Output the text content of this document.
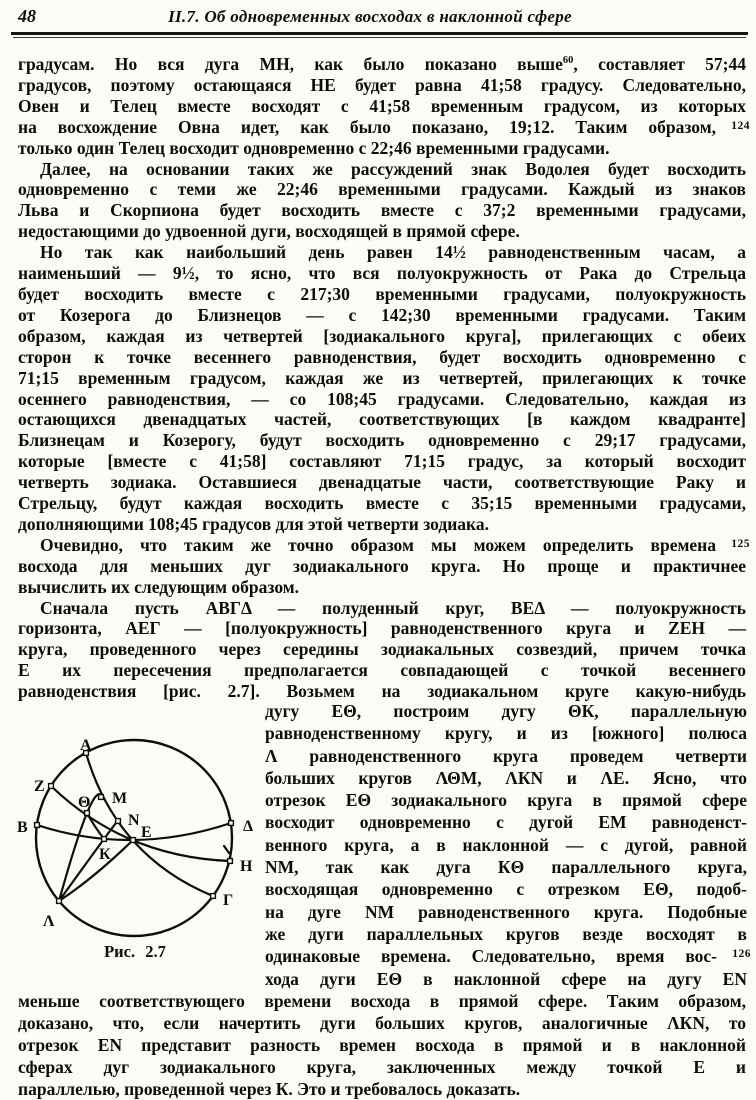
48	II.7. Об одновременных восходах в наклонной сфере
градусам. Но вся дуга МН, как было показано выше$^{60}$, составляет 57;44
градусов, поэтому остающаяся НЕ будет равна 41;58 градусу. Следовательно,
Овен и Телец вместе восходят с 41;58 временным градусом, из которых
на восхождение Овна идет, как было показано, 19;12. Таким образом, 124
только один Телец восходит одновременно с 22;46 временными градусами.
Далее, на основании таких же рассуждений знак Водолея будет восходить
одновременно с теми же 22;46 временными градусами. Каждый из знаков
Льва и Скорпиона будет восходить вместе с 37;2 временными градусами,
недостающими до удвоенной дуги, восходящей в прямой сфере.
Но так как наибольший день равен 14½ равноденственным часам, а
наименьший — 9½, то ясно, что вся полуокружность от Рака до Стрельца
будет восходить вместе с 217;30 временными градусами, полуокружность
от Козерога до Близнецов — с 142;30 временными градусами. Таким
образом, каждая из четвертей [зодиакального круга], прилегающих с обеих
сторон к точке весеннего равноденствия, будет восходить одновременно с
71;15 временным градусом, каждая же из четвертей, прилегающих к точке
осеннего равноденствия, — со 108;45 градусами. Следовательно, каждая из
остающихся двенадцатых частей, соответствующих [в каждом квадранте]
Близнецам и Козерогу, будут восходить одновременно с 29;17 градусами,
которые [вместе с 41;58] составляют 71;15 градус, за который восходит
четверть зодиака. Оставшиеся двенадцатые части, соответствующие Раку и
Стрельцу, будут каждая восходить вместе с 35;15 временными градусами,
дополняющими 108;45 градусов для этой четверти зодиака.
Очевидно, что таким же точно образом мы можем определить времена 125
восхода для меньших дуг зодиакального круга. Но проще и практичнее
вычислить их следующим образом.
Сначала пусть АВГΔ — полуденный круг, ВЕΔ — полуокружность
горизонта, АЕГ — [полуокружность] равноденственного круга и ZЕН —
круга, проведенного через середины зодиакальных созвездий, причем точка
Е их пересечения предполагается совпадающей с точкой весеннего
равноденствия [рис. 2.7]. Возьмем на зодиакальном круге какую-нибудь
А
Z
В
Θ М
N
Е
К
Δ
Н
Г
Λ
Рис. 2.7
дугу ЕΘ, построим дугу ΘК, параллельную
равноденственному кругу, и из [южного] полюса
Λ равноденственного круга проведем четверти
больших кругов ΛΘМ, ΛКN и ΛЕ. Ясно, что
отрезок ЕΘ зодиакального круга в прямой сфере
восходит одновременно с дугой ЕМ равноденст-
венного круга, а в наклонной — с дугой, равной
NМ, так как дуга КΘ параллельного круга,
восходящая одновременно с отрезком ЕΘ, подоб-
на дуге NМ равноденственного круга. Подобные
же дуги параллельных кругов везде восходят в
одинаковые времена. Следовательно, время вос- 126
хода дуги ЕΘ в наклонной сфере на дугу ЕN
меньше соответствующего времени восхода в прямой сфере. Таким образом,
доказано, что, если начертить дуги больших кругов, аналогичные ΛКN, то
отрезок ЕN представит разность времен восхода в прямой и в наклонной
сферах дуг зодиакального круга, заключенных между точкой Е и
параллелью, проведенной через К. Это и требовалось доказать.
